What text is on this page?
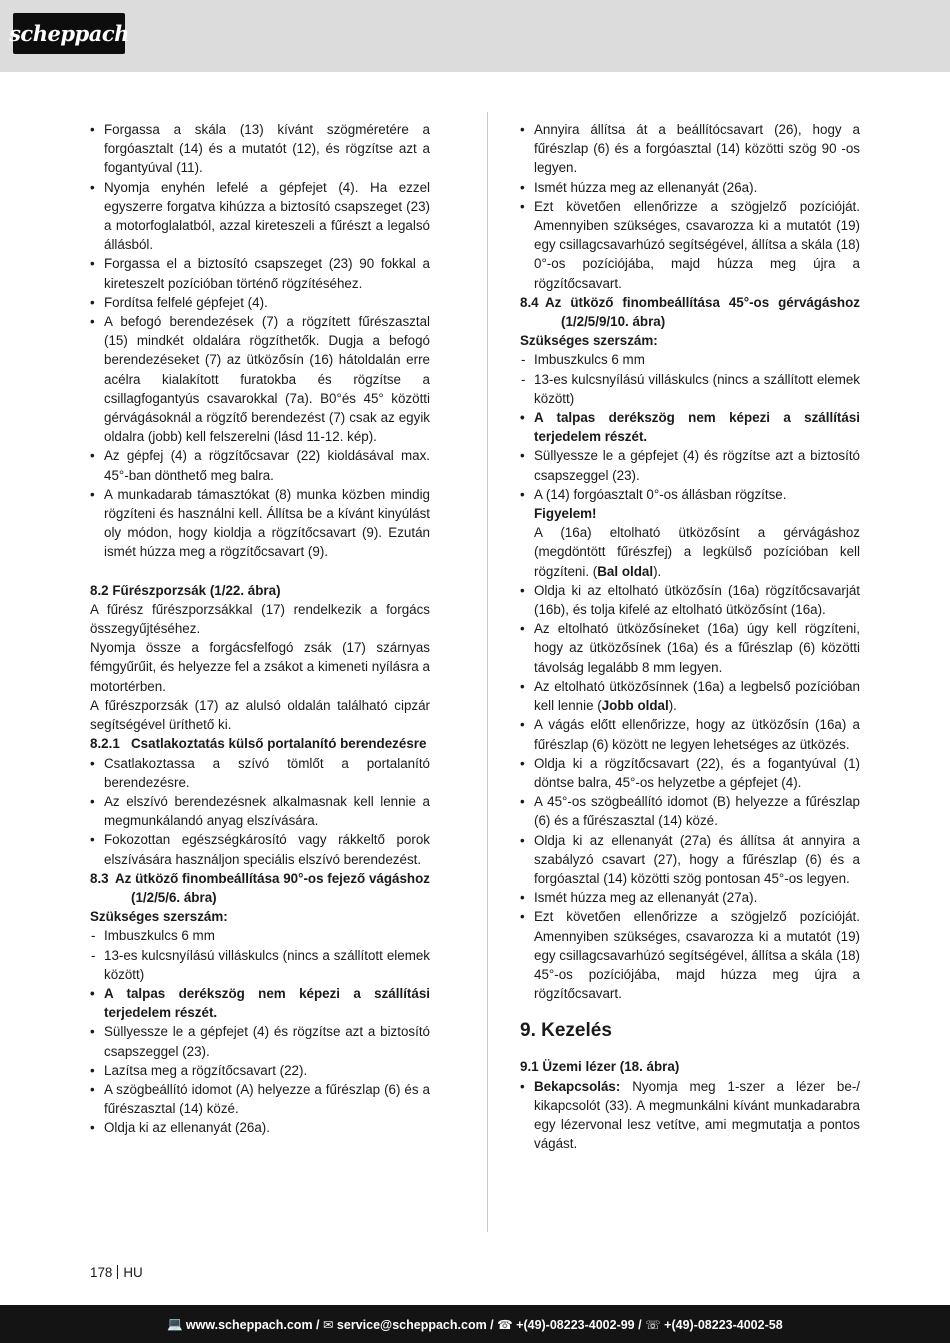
scheppach
• Forgassa a skála (13) kívánt szögméretére a forgóasztalt (14) és a mutatót (12), és rögzítse azt a fogantyúval (11).
• Nyomja enyhén lefelé a gépfejet (4). Ha ezzel egyszerre forgatva kihúzza a biztosító csapszeget (23) a motorfoglalatból, azzal kireteszeli a fűrészt a legalsó állásból.
• Forgassa el a biztosító csapszeget (23) 90 fokkal a kireteszelt pozícióban történő rögzítéséhez.
• Fordítsa felfelé gépfejet (4).
• A befogó berendezések (7) a rögzített fűrészasztal (15) mindkét oldalára rögzíthetők. Dugja a befogó berendezéseket (7) az ütközősín (16) hátoldalán erre acélra kialakított furatokba és rögzítse a csillagfogantyús csavarokkal (7a). B0°és 45° közötti gérvágásoknál a rögzítő berendezést (7) csak az egyik oldalra (jobb) kell felszerelni (lásd 11-12. kép).
• Az gépfej (4) a rögzítőcsavar (22) kioldásával max. 45°-ban dönthető meg balra.
• A munkadarab támasztókat (8) munka közben mindig rögzíteni és használni kell. Állítsa be a kívánt kinyúlást oly módon, hogy kioldja a rögzítőcsavart (9). Ezután ismét húzza meg a rögzítőcsavart (9).

8.2 Fűrészporzsák (1/22. ábra)

A fűrész fűrészporzsákkal (17) rendelkezik a forgács összegyűjtéséhez.

Nyomja össze a forgácsfelfogó zsák (17) szárnyas fémgyűrűit, és helyezze fel a zsákot a kimeneti nyílásra a motortérben.

A fűrészporzsák (17) az alulsó oldalán található cipzár segítségével üríthető ki.

8.2.1 Csatlakoztatás külső portalanító berendezésre

• Csatlakoztassa a szívó tömlőt a portalanító berendezésre.
• Az elszívó berendezésnek alkalmasnak kell lennie a megmunkálandó anyag elszívására.
• Fokozottan egészségkárosító vagy rákkeltő porok elszívására használjon speciális elszívó berendezést.

8.3 Az ütköző finombeállítása 90°-os fejező vágáshoz (1/2/5/6. ábra)

Szükséges szerszám:

- Imbuszkulcs 6 mm
- 13-es kulcsnyílású villáskulcs (nincs a szállított elemek között)
• A talpas derékszög nem képezi a szállítási terjedelem részét.
• Süllyessze le a gépfejet (4) és rögzítse azt a biztosító csapszeggel (23).
• Lazítsa meg a rögzítőcsavart (22).
• A szögbeállító idomot (A) helyezze a fűrészlap (6) és a fűrészasztal (14) közé.
• Oldja ki az ellenanyát (26a).
• Annyira állítsa át a beállítócsavart (26), hogy a fűrészlap (6) és a forgóasztal (14) közötti szög 90 -os legyen.
• Ismét húzza meg az ellenanyát (26a).
• Ezt követően ellenőrizze a szögjelző pozícióját. Amennyiben szükséges, csavarozza ki a mutatót (19) egy csillagcsavarhúzó segítségével, állítsa a skála (18) 0°-os pozíciójába, majd húzza meg újra a rögzítőcsavart.

8.4 Az ütköző finombeállítása 45°-os gérvágáshoz (1/2/5/9/10. ábra)

Szükséges szerszám:

- Imbuszkulcs 6 mm
- 13-es kulcsnyílású villáskulcs (nincs a szállított elemek között)
• A talpas derékszög nem képezi a szállítási terjedelem részét.
• Süllyessze le a gépfejet (4) és rögzítse azt a biztosító csapszeggel (23).
• A (14) forgóasztalt 0°-os állásban rögzítse.

Figyelem!

A (16a) eltolható ütközősínt a gérvágáshoz (megdöntött fűrészfej) a legkülső pozícióban kell rögzíteni. (Bal oldal).

• Oldja ki az eltolható ütközősín (16a) rögzítőcsavarját (16b), és tolja kifelé az eltolható ütközősínt (16a).
• Az eltolható ütközősíneket (16a) úgy kell rögzíteni, hogy az ütközősínek (16a) és a fűrészlap (6) közötti távolság legalább 8 mm legyen.
• Az eltolható ütközősínnek (16a) a legbelső pozícióban kell lennie (Jobb oldal).
• A vágás előtt ellenőrizze, hogy az ütközősín (16a) a fűrészlap (6) között ne legyen lehetséges az ütközés.
• Oldja ki a rögzítőcsavart (22), és a fogantyúval (1) döntse balra, 45°-os helyzetbe a gépfejet (4).
• A 45°-os szögbeállító idomot (B) helyezze a fűrészlap (6) és a fűrészasztal (14) közé.
• Oldja ki az ellenanyát (27a) és állítsa át annyira a szabályzó csavart (27), hogy a fűrészlap (6) és a forgóasztal (14) közötti szög pontosan 45°-os legyen.
• Ismét húzza meg az ellenanyát (27a).
• Ezt követően ellenőrizze a szögjelző pozícióját. Amennyiben szükséges, csavarozza ki a mutatót (19) egy csillagcsavarhúzó segítségével, állítsa a skála (18) 45°-os pozíciójába, majd húzza meg újra a rögzítőcsavart.

9. Kezelés

9.1 Üzemi lézer (18. ábra)

• Bekapcsolás: Nyomja meg 1-szer a lézer be-/ kikapcsolót (33). A megmunkálni kívánt munkadarabra egy lézervonal lesz vetítve, ami megmutatja a pontos vágást.
178 HU
💻 www.scheppach.com / ✉ service@scheppach.com / ☎ +(49)-08223-4002-99 / ☏ +(49)-08223-4002-58
